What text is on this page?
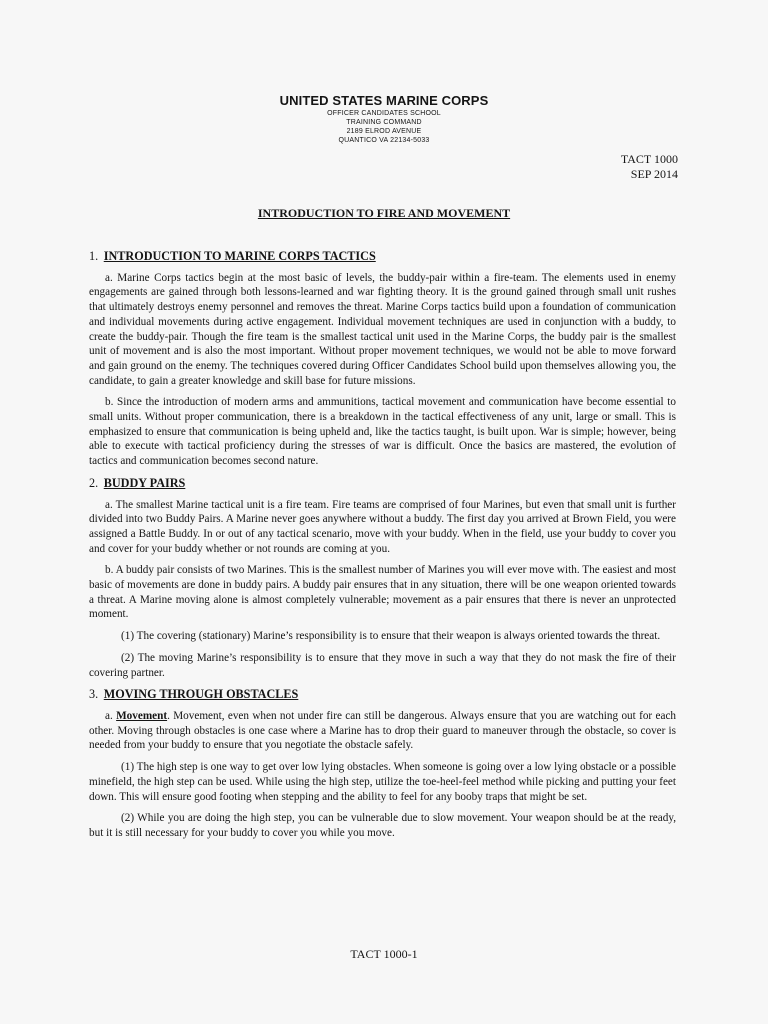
UNITED STATES MARINE CORPS
OFFICER CANDIDATES SCHOOL
TRAINING COMMAND
2189 ELROD AVENUE
QUANTICO VA 22134-5033
TACT 1000
SEP 2014
INTRODUCTION TO FIRE AND MOVEMENT
1. INTRODUCTION TO MARINE CORPS TACTICS

a. Marine Corps tactics begin at the most basic of levels, the buddy-pair within a fire-team. The elements used in enemy engagements are gained through both lessons-learned and war fighting theory. It is the ground gained through small unit rushes that ultimately destroys enemy personnel and removes the threat. Marine Corps tactics build upon a foundation of communication and individual movements during active engagement. Individual movement techniques are used in conjunction with a buddy, to create the buddy-pair. Though the fire team is the smallest tactical unit used in the Marine Corps, the buddy pair is the smallest unit of movement and is also the most important. Without proper movement techniques, we would not be able to move forward and gain ground on the enemy. The techniques covered during Officer Candidates School build upon themselves allowing you, the candidate, to gain a greater knowledge and skill base for future missions.

b. Since the introduction of modern arms and ammunitions, tactical movement and communication have become essential to small units. Without proper communication, there is a breakdown in the tactical effectiveness of any unit, large or small. This is emphasized to ensure that communication is being upheld and, like the tactics taught, is built upon. War is simple; however, being able to execute with tactical proficiency during the stresses of war is difficult. Once the basics are mastered, the evolution of tactics and communication becomes second nature.

2. BUDDY PAIRS

a. The smallest Marine tactical unit is a fire team. Fire teams are comprised of four Marines, but even that small unit is further divided into two Buddy Pairs. A Marine never goes anywhere without a buddy. The first day you arrived at Brown Field, you were assigned a Battle Buddy. In or out of any tactical scenario, move with your buddy. When in the field, use your buddy to cover you and cover for your buddy whether or not rounds are coming at you.

b. A buddy pair consists of two Marines. This is the smallest number of Marines you will ever move with. The easiest and most basic of movements are done in buddy pairs. A buddy pair ensures that in any situation, there will be one weapon oriented towards a threat. A Marine moving alone is almost completely vulnerable; movement as a pair ensures that there is never an unprotected moment.

(1) The covering (stationary) Marine’s responsibility is to ensure that their weapon is always oriented towards the threat.

(2) The moving Marine’s responsibility is to ensure that they move in such a way that they do not mask the fire of their covering partner.

3. MOVING THROUGH OBSTACLES

a. Movement. Movement, even when not under fire can still be dangerous. Always ensure that you are watching out for each other. Moving through obstacles is one case where a Marine has to drop their guard to maneuver through the obstacle, so cover is needed from your buddy to ensure that you negotiate the obstacle safely.

(1) The high step is one way to get over low lying obstacles. When someone is going over a low lying obstacle or a possible minefield, the high step can be used. While using the high step, utilize the toe-heel-feel method while picking and putting your feet down. This will ensure good footing when stepping and the ability to feel for any booby traps that might be set.

(2) While you are doing the high step, you can be vulnerable due to slow movement. Your weapon should be at the ready, but it is still necessary for your buddy to cover you while you move.

TACT 1000-1
